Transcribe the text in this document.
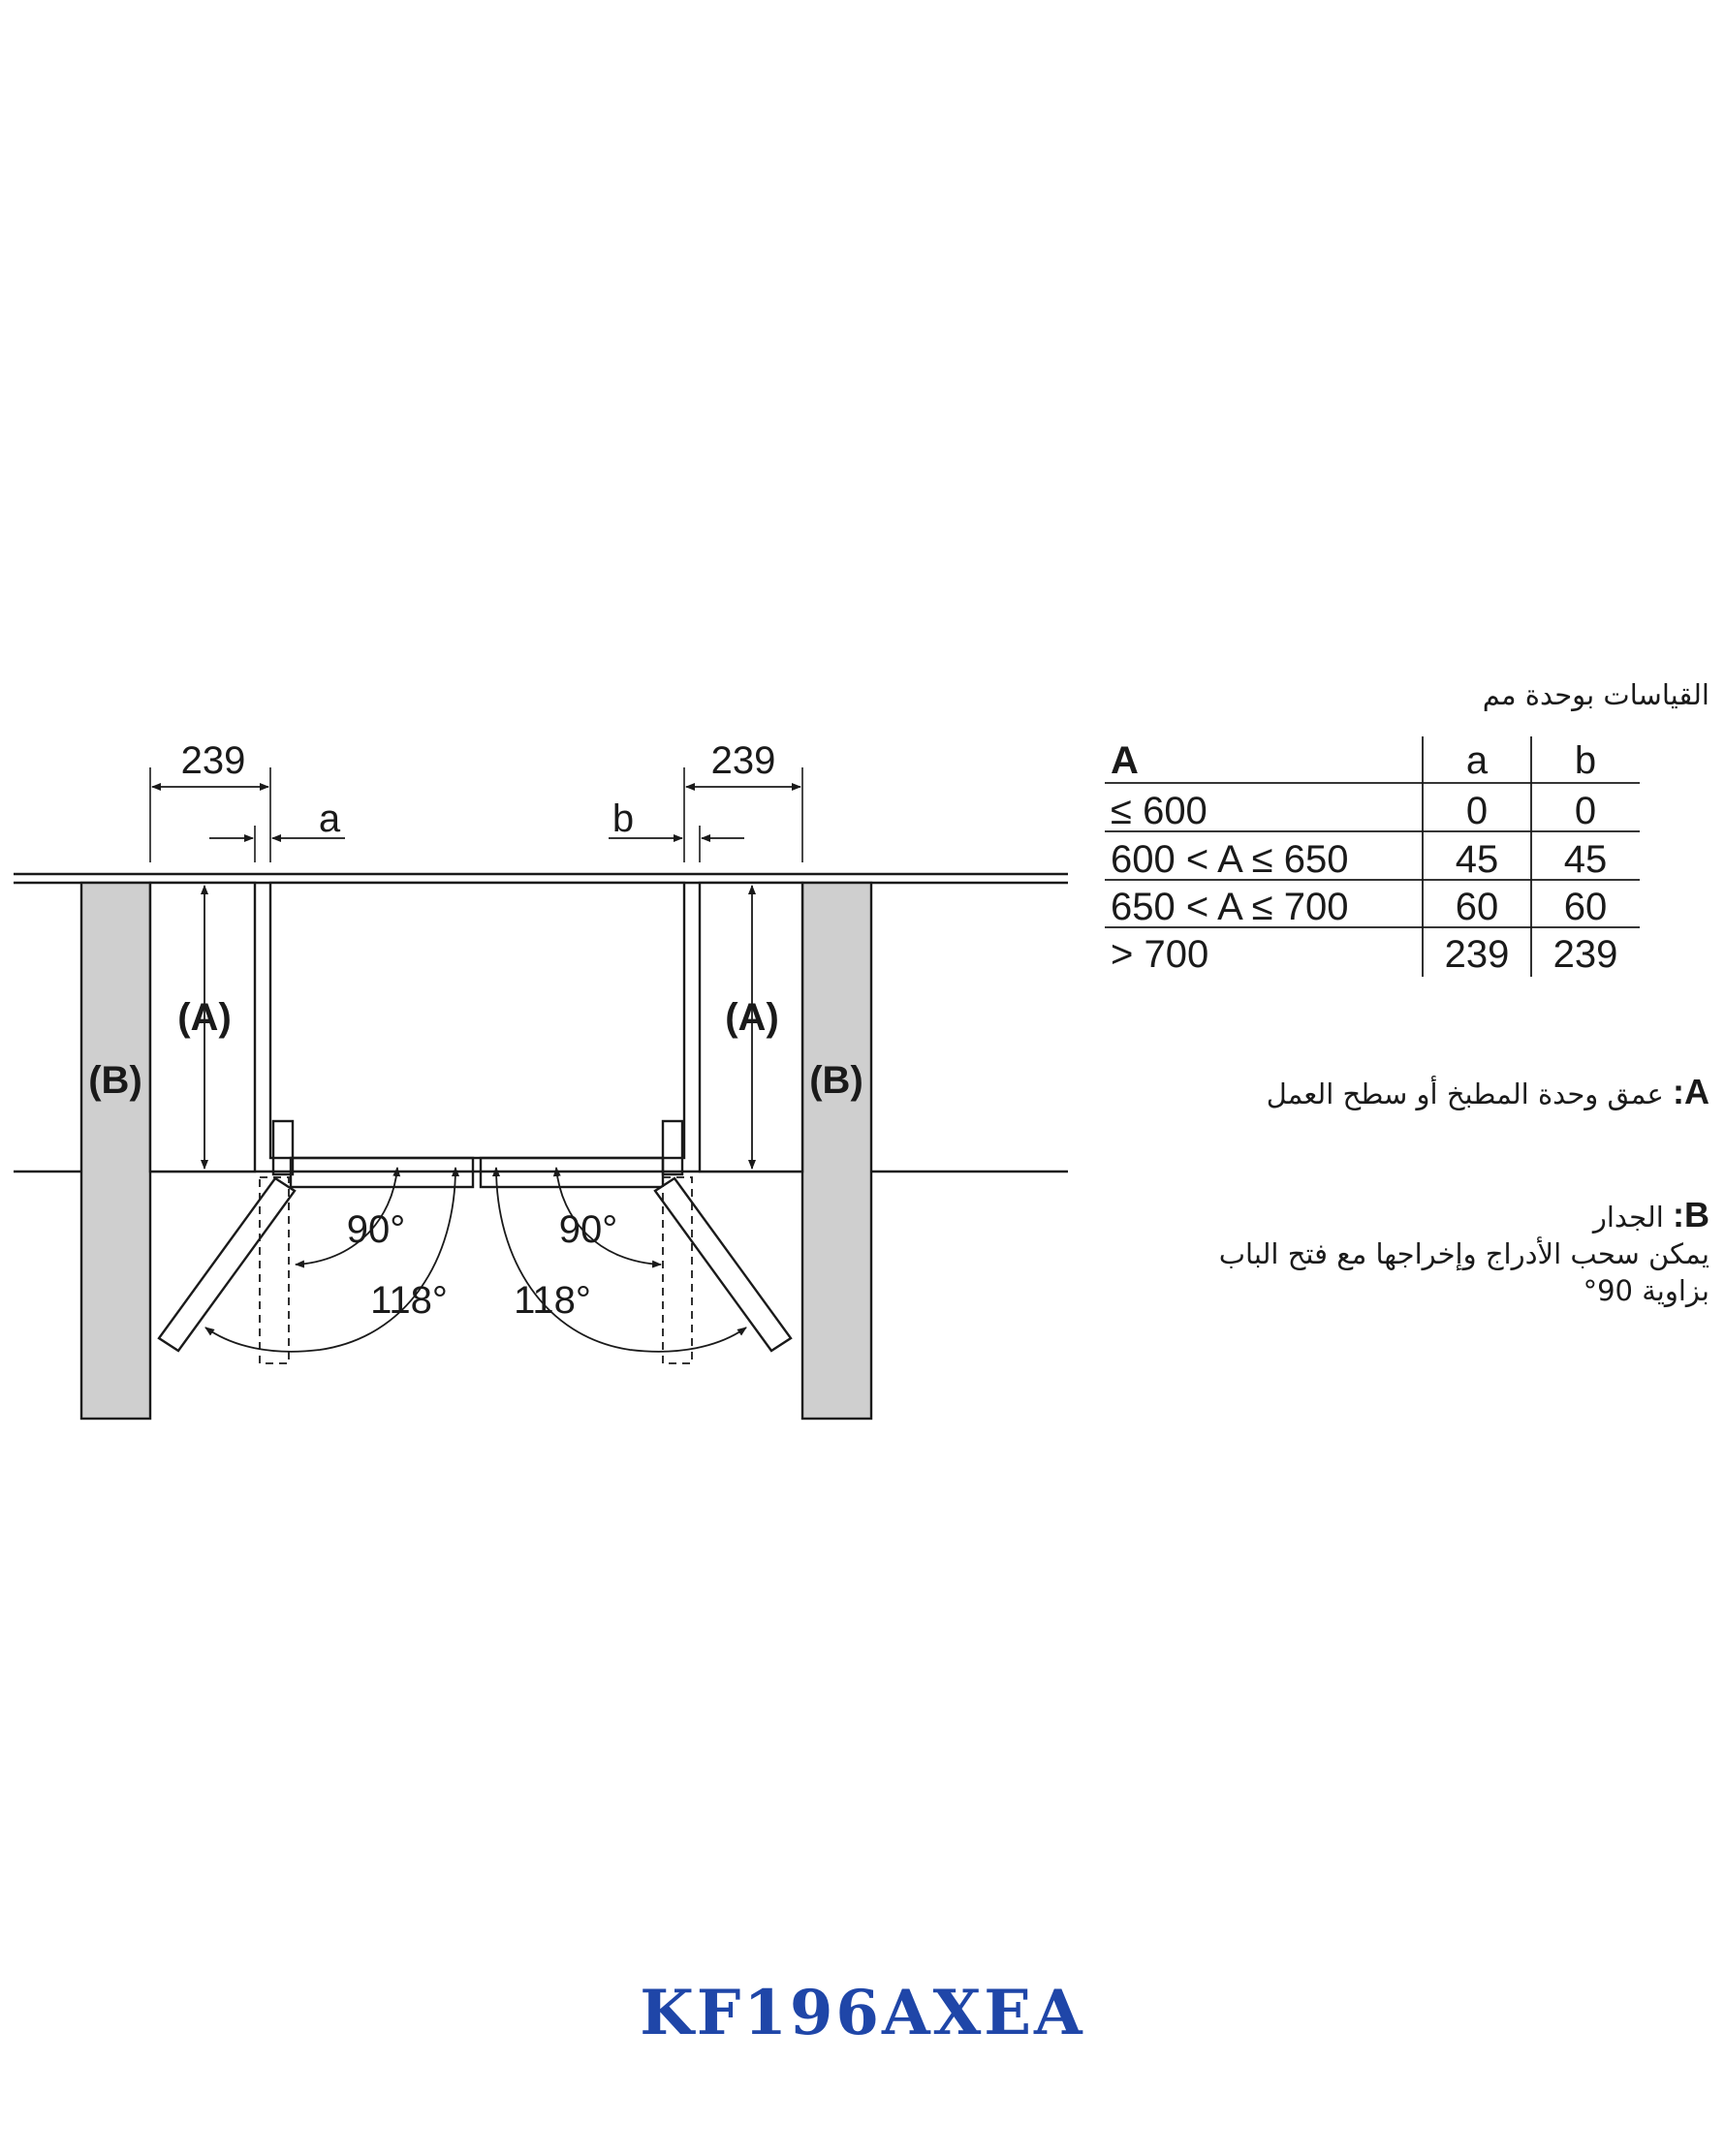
239	239
a	b
(A)	(A)
(B)	(B)
90°	90°
118° 118°
A	a b
≤ 600	0 0
600 < A ≤ 650	45 45
650 < A ≤ 700	60 60
> 700	239 239
القياسات بوحدة مم
A: عمق وحدة المطبخ أو سطح العمل
B: الجدار
يمكن سحب الأدراج وإخراجها مع فتح الباب
بزاوية 90°
KF196AXEA
